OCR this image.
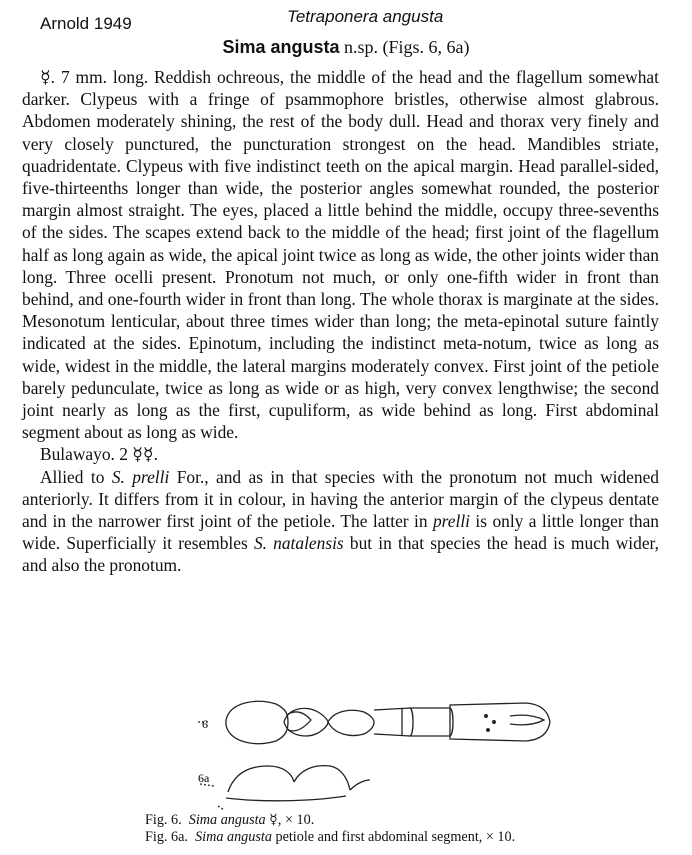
Arnold 1949	Tetraponera angusta
Sima angusta n.sp. (Figs. 6, 6a)

☿. 7 mm. long. Reddish ochreous, the middle of the head and the flagellum somewhat darker. Clypeus with a fringe of psammophore bristles, otherwise almost glabrous. Abdomen moderately shining, the rest of the body dull. Head and thorax very finely and very closely punctured, the puncturation strongest on the head. Mandibles striate, quadridentate. Clypeus with five indistinct teeth on the apical margin. Head parallel-sided, five-thirteenths longer than wide, the posterior angles somewhat rounded, the posterior margin almost straight. The eyes, placed a little behind the middle, occupy three-sevenths of the sides. The scapes extend back to the middle of the head; first joint of the flagellum half as long again as wide, the apical joint twice as long as wide, the other joints wider than long. Three ocelli present. Pronotum not much, or only one-fifth wider in front than behind, and one-fourth wider in front than long. The whole thorax is marginate at the sides. Mesonotum lenticular, about three times wider than long; the meta-epinotal suture faintly indicated at the sides. Epinotum, including the indistinct meta-notum, twice as long as wide, widest in the middle, the lateral margins moderately convex. First joint of the petiole barely pedunculate, twice as long as wide or as high, very convex lengthwise; the second joint nearly as long as the first, cupuliform, as wide behind as long. First abdominal segment about as long as wide.

Bulawayo. 2 ☿☿.

Allied to S. prelli For., and as in that species with the pronotum not much widened anteriorly. It differs from it in colour, in having the anterior margin of the clypeus dentate and in the narrower first joint of the petiole. The latter in prelli is only a little longer than wide. Superficially it resembles S. natalensis but in that species the head is much wider, and also the pronotum.

6
6a
Fig. 6. Sima angusta ☿, × 10.
Fig. 6a. Sima angusta petiole and first abdominal segment, × 10.
